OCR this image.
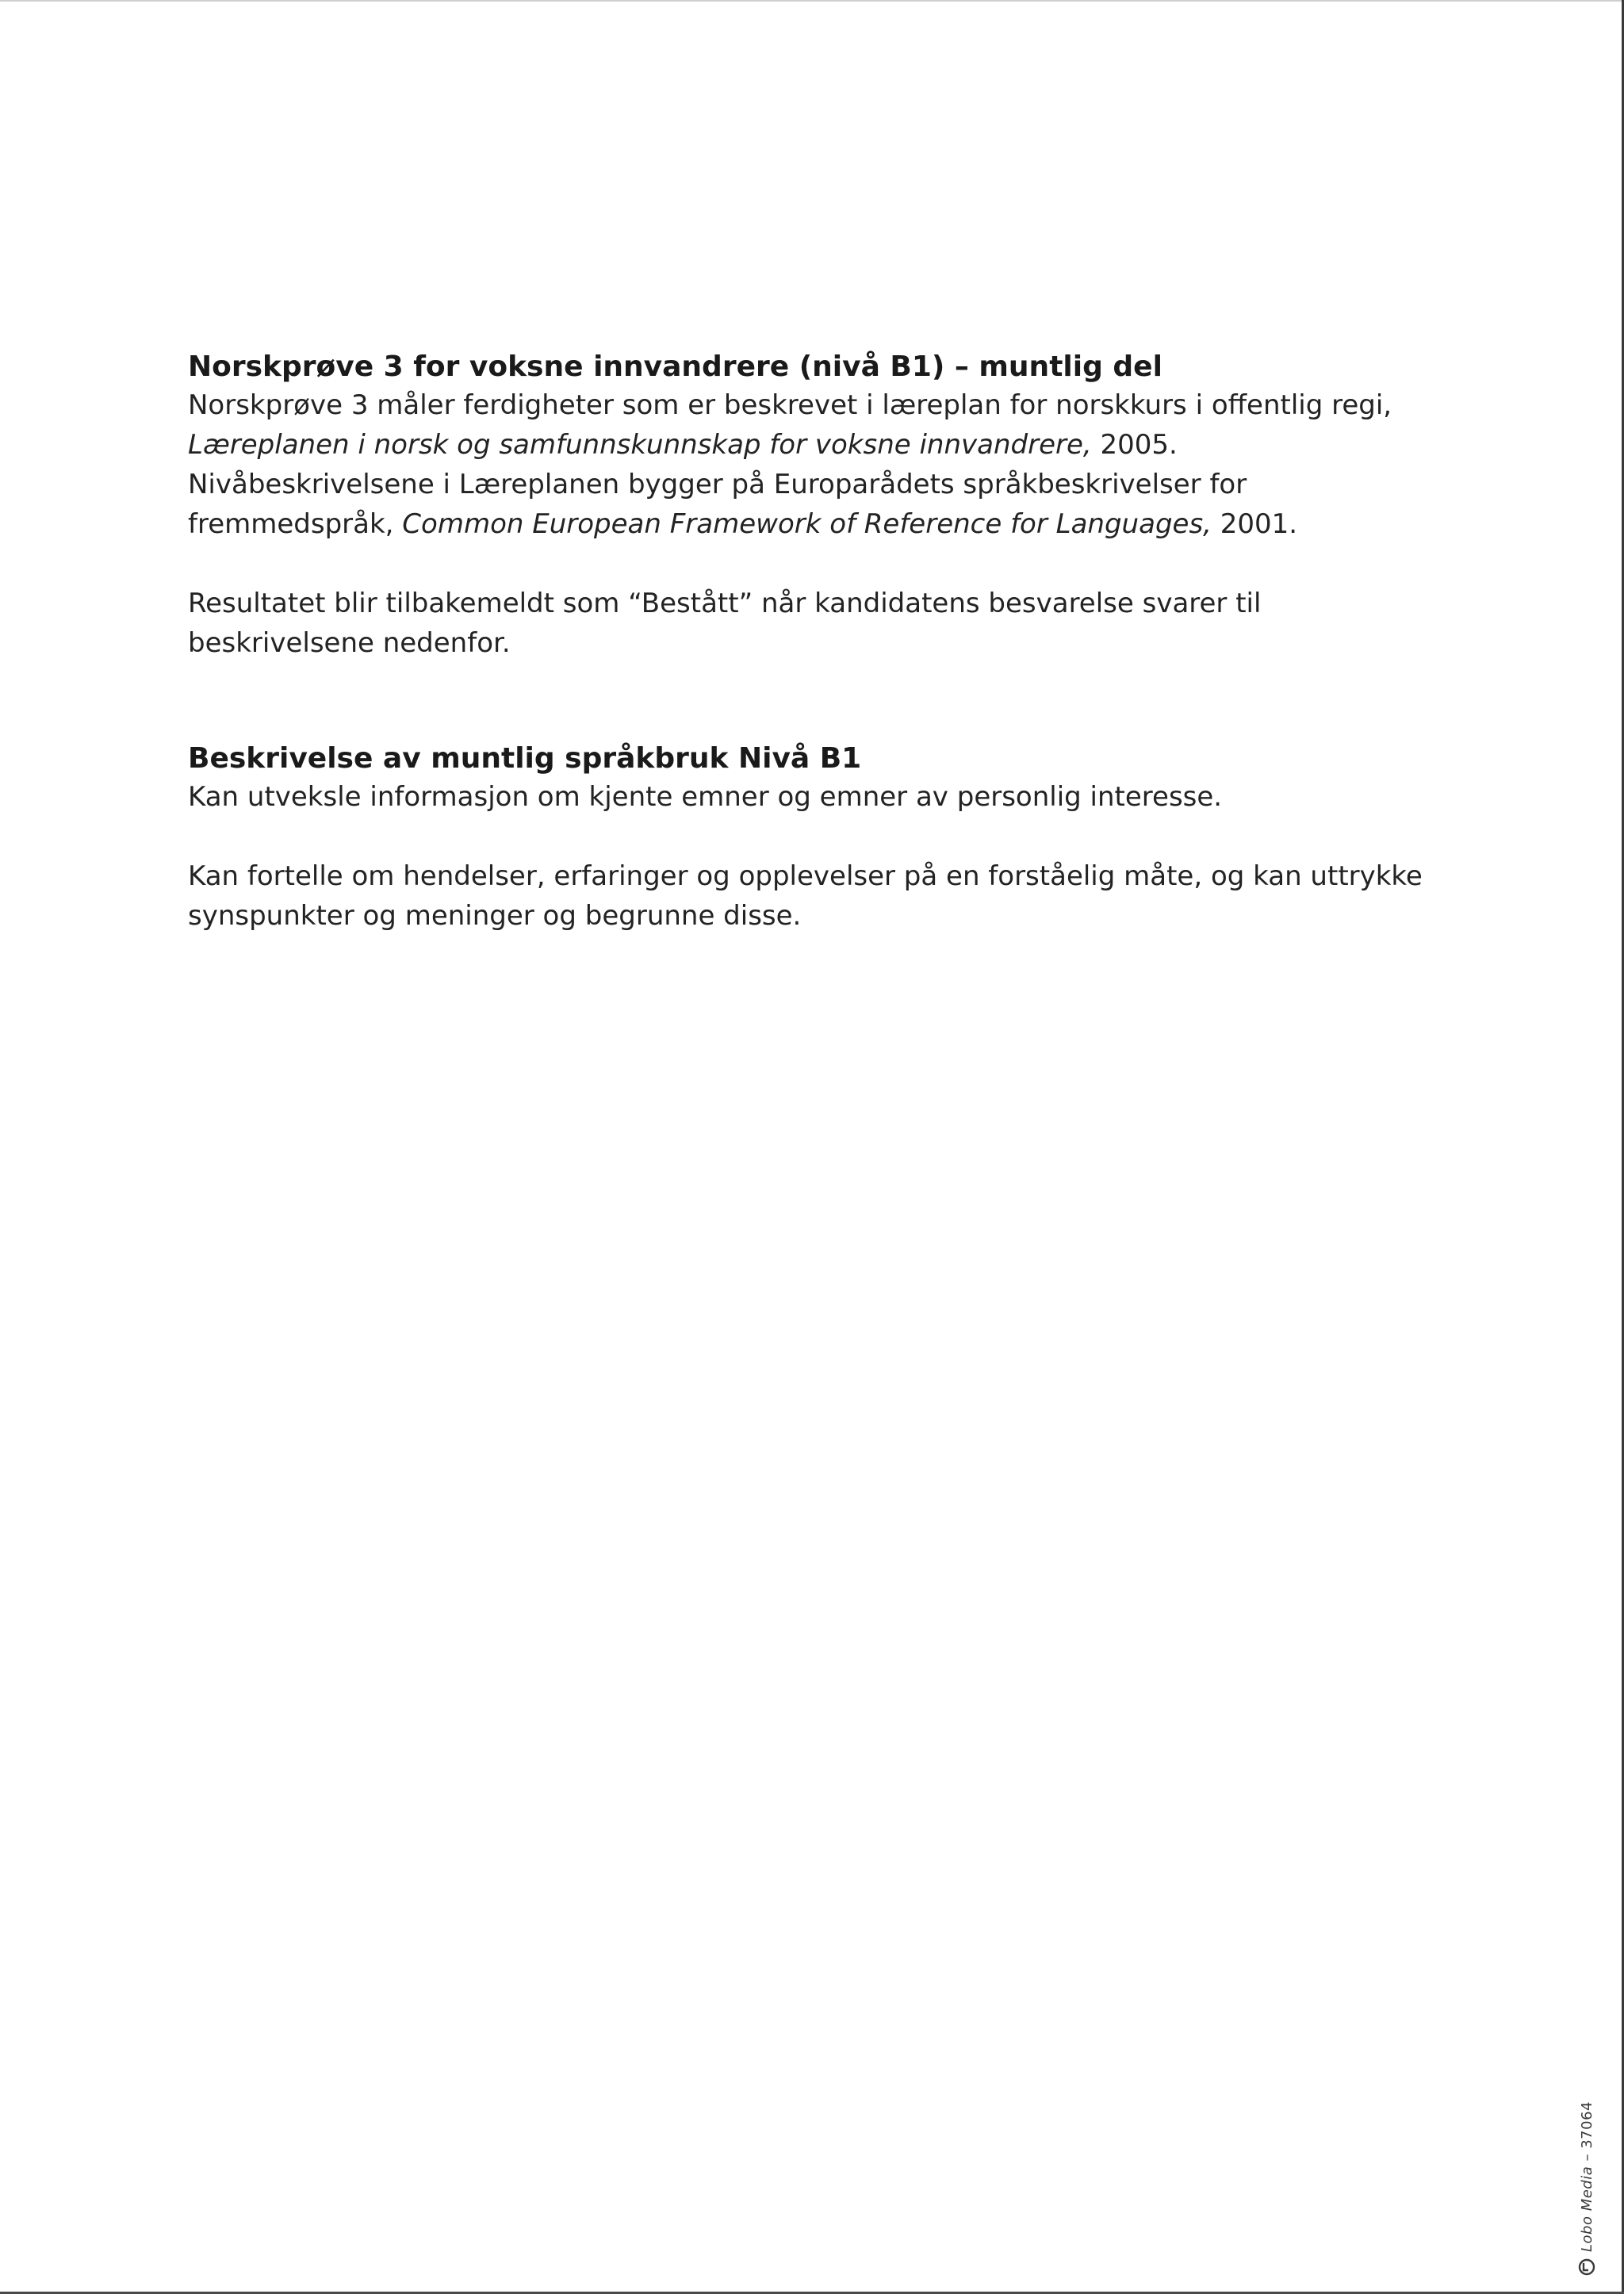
Norskprøve 3 for voksne innvandrere (nivå B1) – muntlig del

Norskprøve 3 måler ferdigheter som er beskrevet i læreplan for norskkurs i offentlig regi, Læreplanen i norsk og samfunnskunnskap for voksne innvandrere, 2005. Nivåbeskrivelsene i Læreplanen bygger på Europarådets språkbeskrivelser for fremmedspråk, Common European Framework of Reference for Languages, 2001.

Resultatet blir tilbakemeldt som “Bestått” når kandidatens besvarelse svarer til beskrivelsene nedenfor.

Beskrivelse av muntlig språkbruk Nivå B1

Kan utveksle informasjon om kjente emner og emner av personlig interesse.

Kan fortelle om hendelser, erfaringer og opplevelser på en forståelig måte, og kan uttrykke synspunkter og meninger og begrunne disse.

Lobo Media – 37064
